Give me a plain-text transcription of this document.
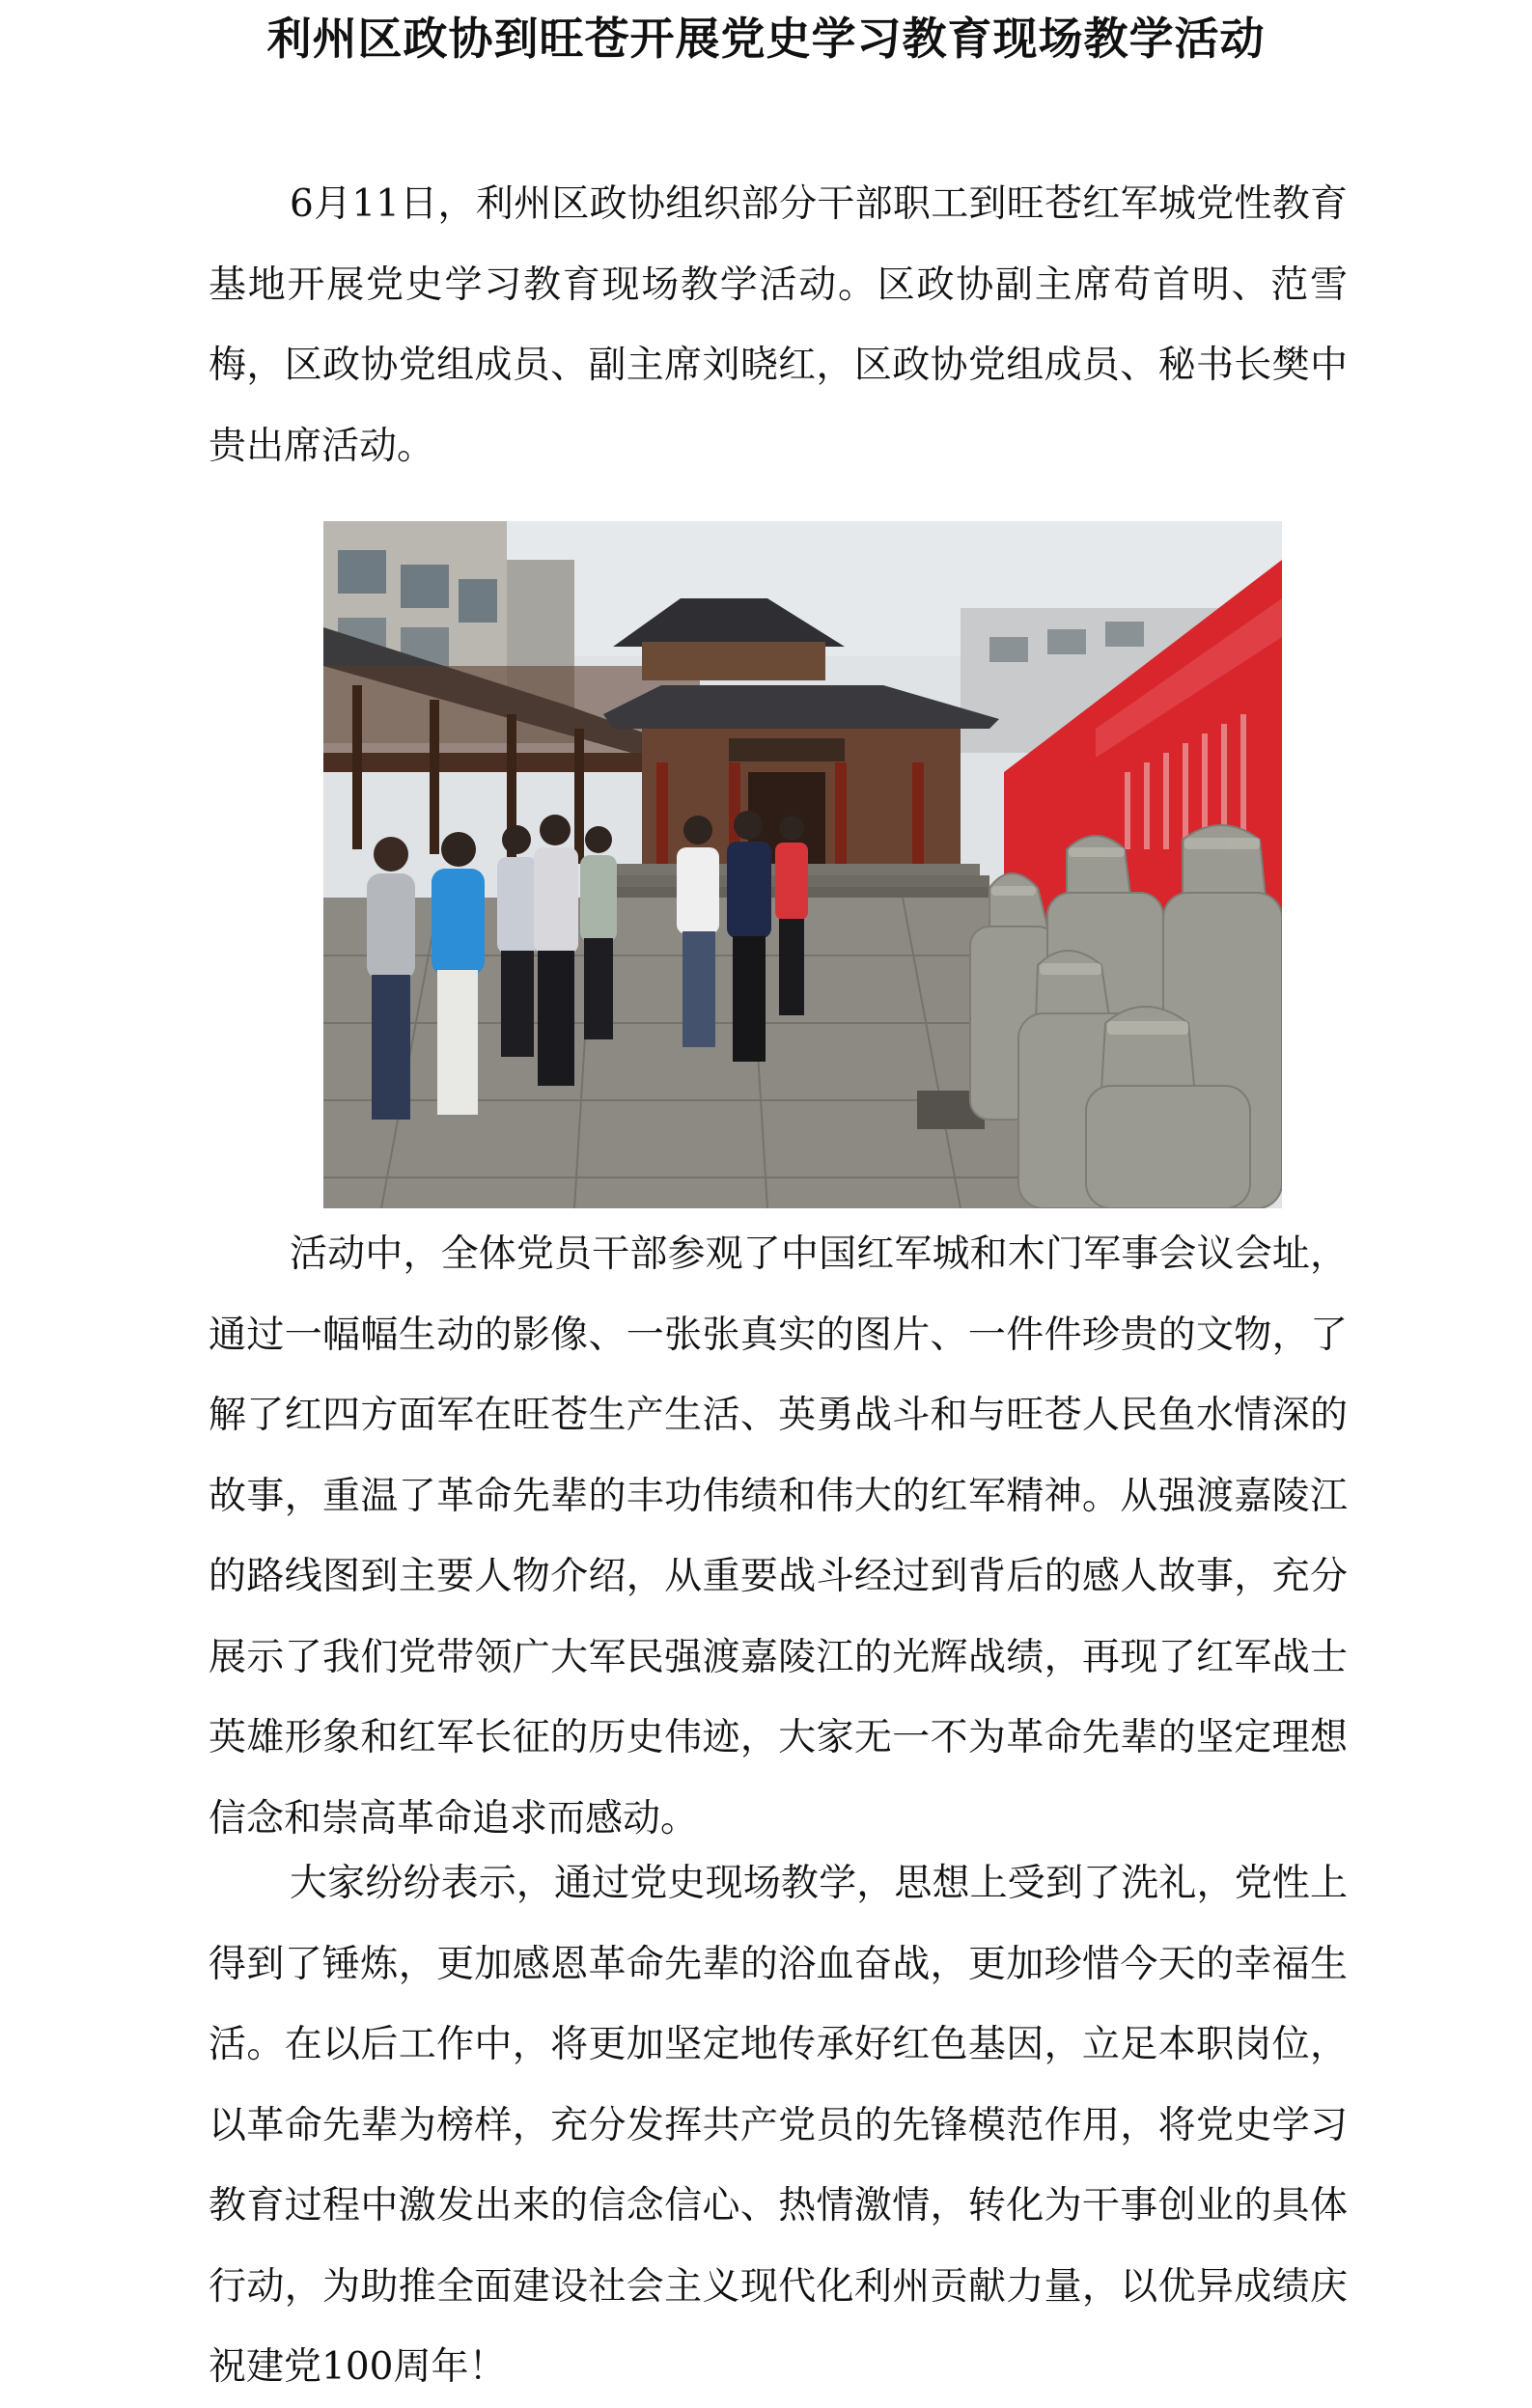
利州区政协到旺苍开展党史学习教育现场教学活动

6月11日，利州区政协组织部分干部职工到旺苍红军城党性教育基地开展党史学习教育现场教学活动。区政协副主席苟首明、范雪梅，区政协党组成员、副主席刘晓红，区政协党组成员、秘书长樊中贵出席活动。

活动中，全体党员干部参观了中国红军城和木门军事会议会址，通过一幅幅生动的影像、一张张真实的图片、一件件珍贵的文物，了解了红四方面军在旺苍生产生活、英勇战斗和与旺苍人民鱼水情深的故事，重温了革命先辈的丰功伟绩和伟大的红军精神。从强渡嘉陵江的路线图到主要人物介绍，从重要战斗经过到背后的感人故事，充分展示了我们党带领广大军民强渡嘉陵江的光辉战绩，再现了红军战士英雄形象和红军长征的历史伟迹，大家无一不为革命先辈的坚定理想信念和崇高革命追求而感动。

大家纷纷表示，通过党史现场教学，思想上受到了洗礼，党性上得到了锤炼，更加感恩革命先辈的浴血奋战，更加珍惜今天的幸福生活。在以后工作中，将更加坚定地传承好红色基因，立足本职岗位，以革命先辈为榜样，充分发挥共产党员的先锋模范作用，将党史学习教育过程中激发出来的信念信心、热情激情，转化为干事创业的具体行动，为助推全面建设社会主义现代化利州贡献力量，以优异成绩庆祝建党100周年！
